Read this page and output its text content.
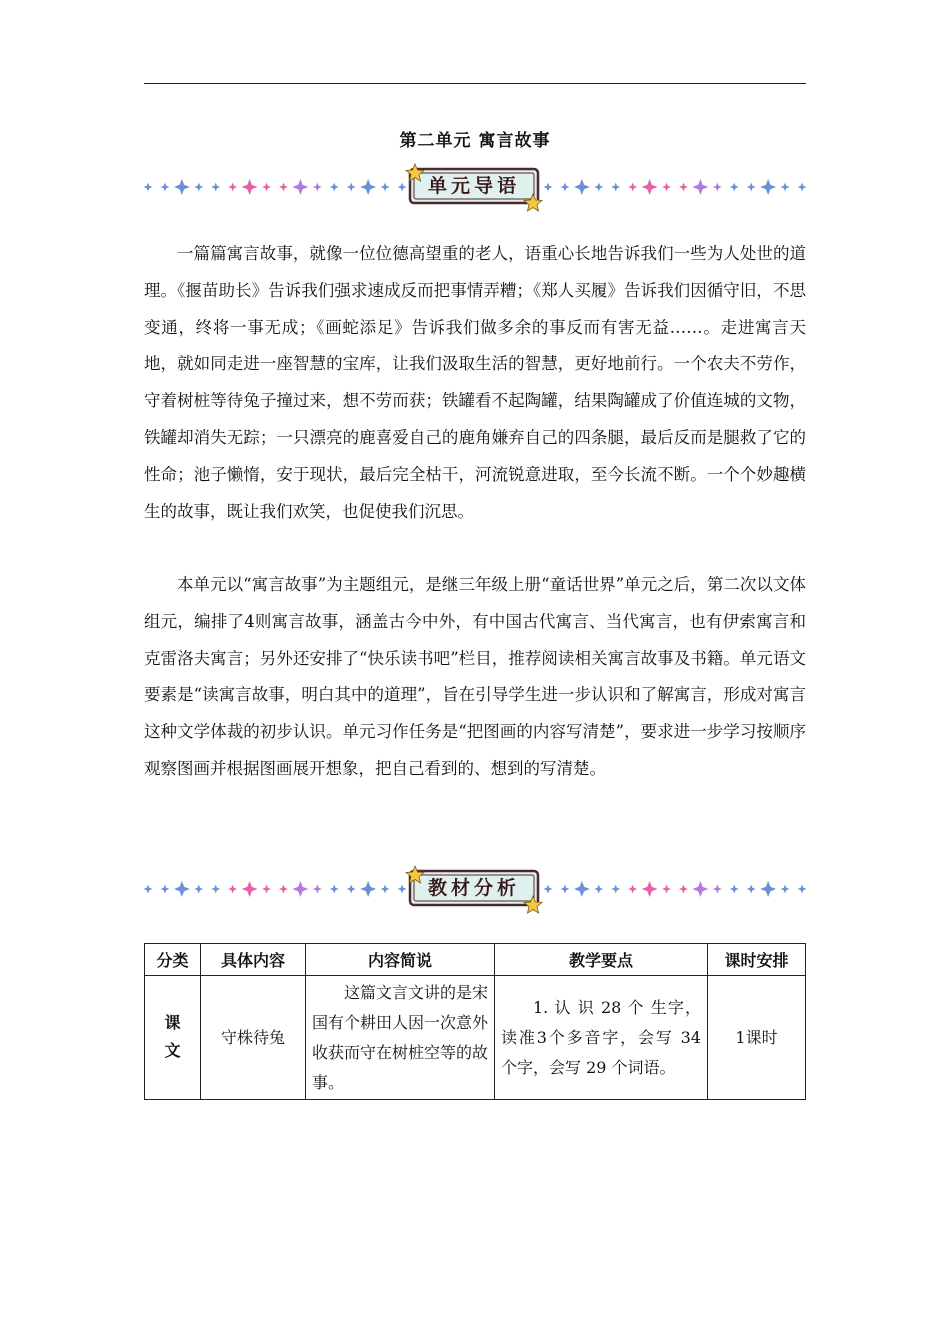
第二单元 寓言故事
单元导语

一篇篇寓言故事，就像一位位德高望重的老人，语重心长地告诉我们一些为人处世的道理。《揠苗助长》告诉我们强求速成反而把事情弄糟；《郑人买履》告诉我们因循守旧，不思变通，终将一事无成；《画蛇添足》告诉我们做多余的事反而有害无益……。走进寓言天地，就如同走进一座智慧的宝库，让我们汲取生活的智慧，更好地前行。一个农夫不劳作，守着树桩等待兔子撞过来，想不劳而获；铁罐看不起陶罐，结果陶罐成了价值连城的文物，铁罐却消失无踪；一只漂亮的鹿喜爱自己的鹿角嫌弃自己的四条腿，最后反而是腿救了它的性命；池子懒惰，安于现状，最后完全枯干，河流锐意进取，至今长流不断。一个个妙趣横生的故事，既让我们欢笑，也促使我们沉思。

本单元以“寓言故事”为主题组元，是继三年级上册“童话世界”单元之后，第二次以文体组元，编排了4则寓言故事，涵盖古今中外，有中国古代寓言、当代寓言，也有伊索寓言和克雷洛夫寓言；另外还安排了“快乐读书吧”栏目，推荐阅读相关寓言故事及书籍。单元语文要素是“读寓言故事，明白其中的道理”，旨在引导学生进一步认识和了解寓言，形成对寓言这种文学体裁的初步认识。单元习作任务是“把图画的内容写清楚”，要求进一步学习按顺序观察图画并根据图画展开想象，把自己看到的、想到的写清楚。

教材分析
分类	具体内容	内容简说	教学要点	课时安排
课文	守株待兔	这篇文言文讲的是宋国有个耕田人因一次意外收获而守在树桩空等的故事。	1. 认 识 28 个 生字，读准3个多音字，会写 34 个字，会写 29 个词语。	1课时
